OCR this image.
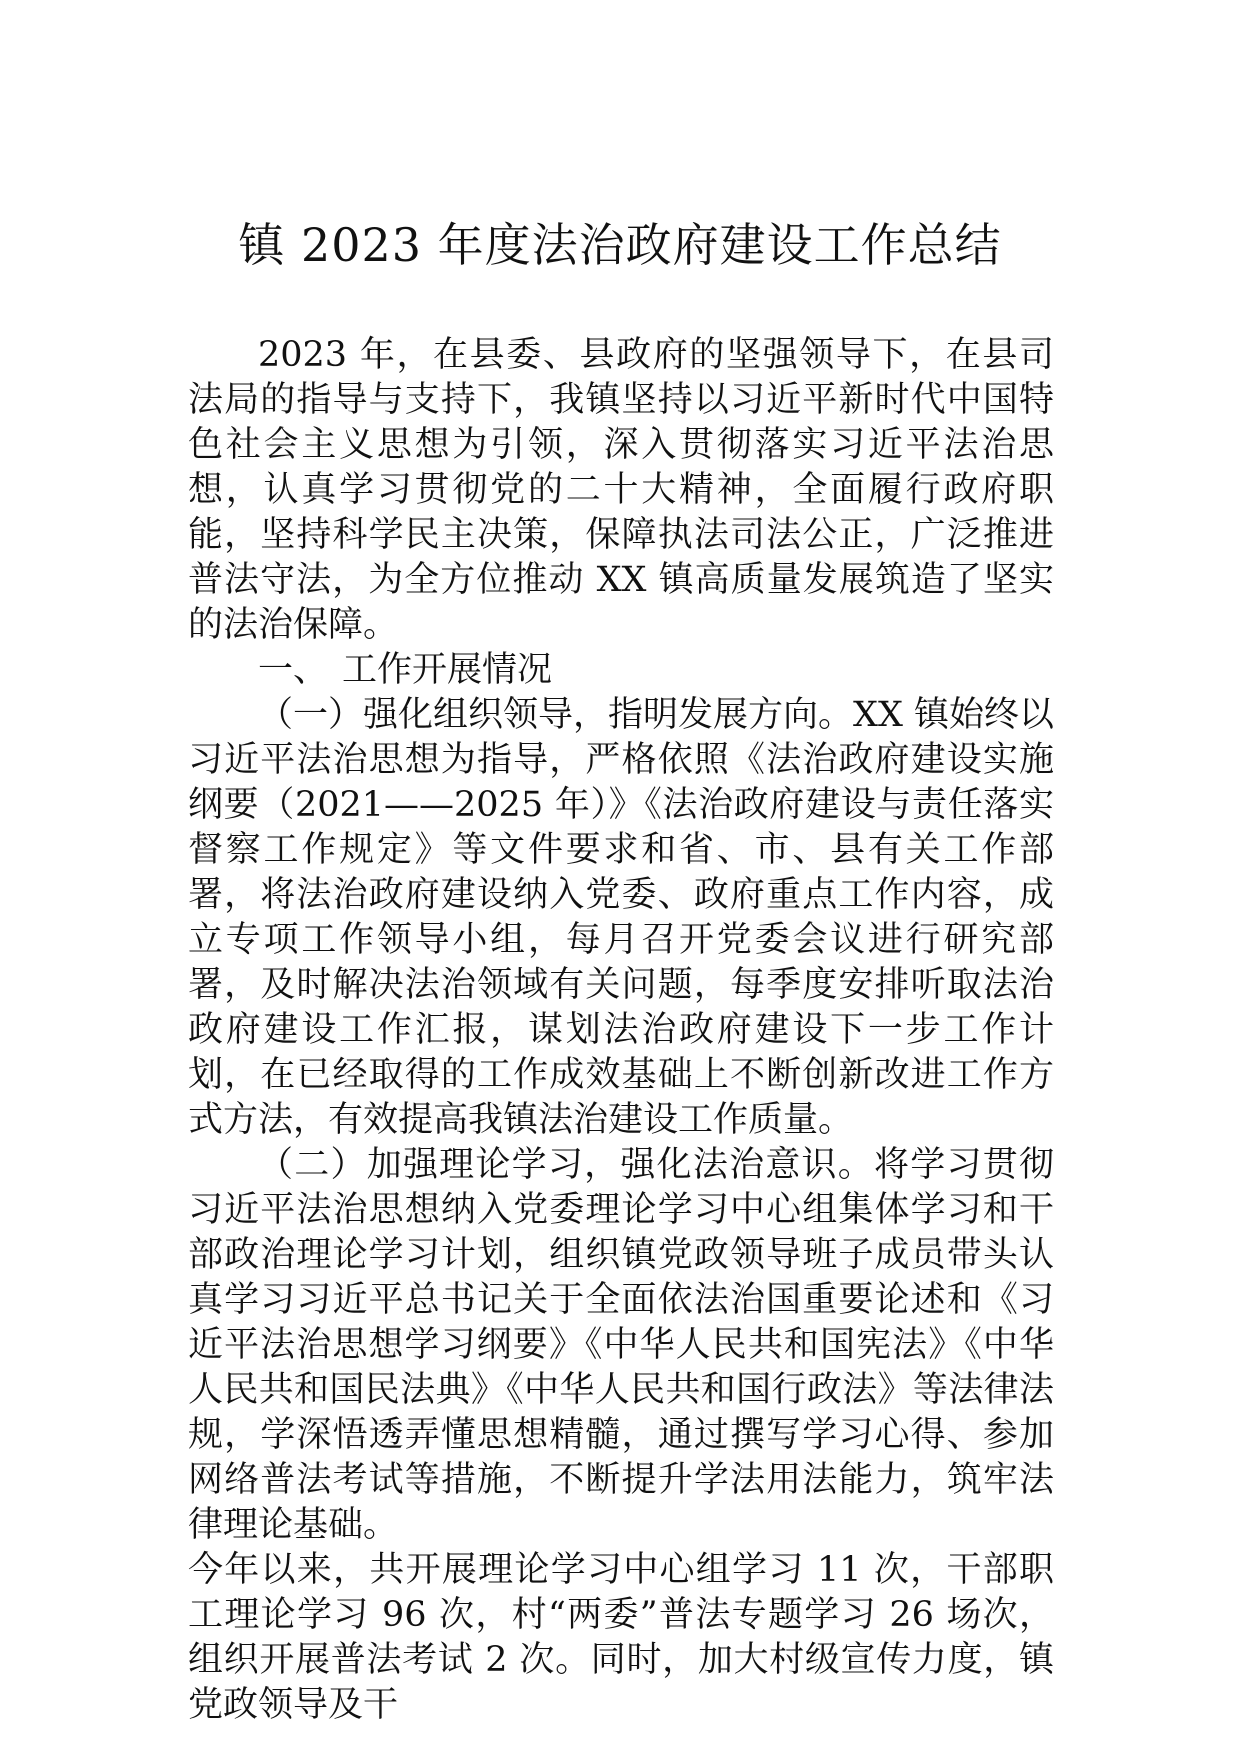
镇 2023 年度法治政府建设工作总结

2023 年，在县委、县政府的坚强领导下，在县司法局的指导与支持下，我镇坚持以习近平新时代中国特色社会主义思想为引领，深入贯彻落实习近平法治思想，认真学习贯彻党的二十大精神，全面履行政府职能，坚持科学民主决策，保障执法司法公正，广泛推进普法守法，为全方位推动 XX 镇高质量发展筑造了坚实的法治保障。

一、 工作开展情况

（一）强化组织领导，指明发展方向。XX 镇始终以习近平法治思想为指导，严格依照《法治政府建设实施纲要（2021——2025 年）》《法治政府建设与责任落实督察工作规定》等文件要求和省、市、县有关工作部署，将法治政府建设纳入党委、政府重点工作内容，成立专项工作领导小组，每月召开党委会议进行研究部署，及时解决法治领域有关问题，每季度安排听取法治政府建设工作汇报，谋划法治政府建设下一步工作计划，在已经取得的工作成效基础上不断创新改进工作方式方法，有效提高我镇法治建设工作质量。

（二）加强理论学习，强化法治意识。将学习贯彻习近平法治思想纳入党委理论学习中心组集体学习和干部政治理论学习计划，组织镇党政领导班子成员带头认真学习习近平总书记关于全面依法治国重要论述和《习近平法治思想学习纲要》《中华人民共和国宪法》《中华人民共和国民法典》《中华人民共和国行政法》等法律法规，学深悟透弄懂思想精髓，通过撰写学习心得、参加网络普法考试等措施，不断提升学法用法能力，筑牢法律理论基础。

今年以来，共开展理论学习中心组学习 11 次，干部职工理论学习 96 次，村“两委”普法专题学习 26 场次，组织开展普法考试 2 次。同时，加大村级宣传力度，镇党政领导及干
